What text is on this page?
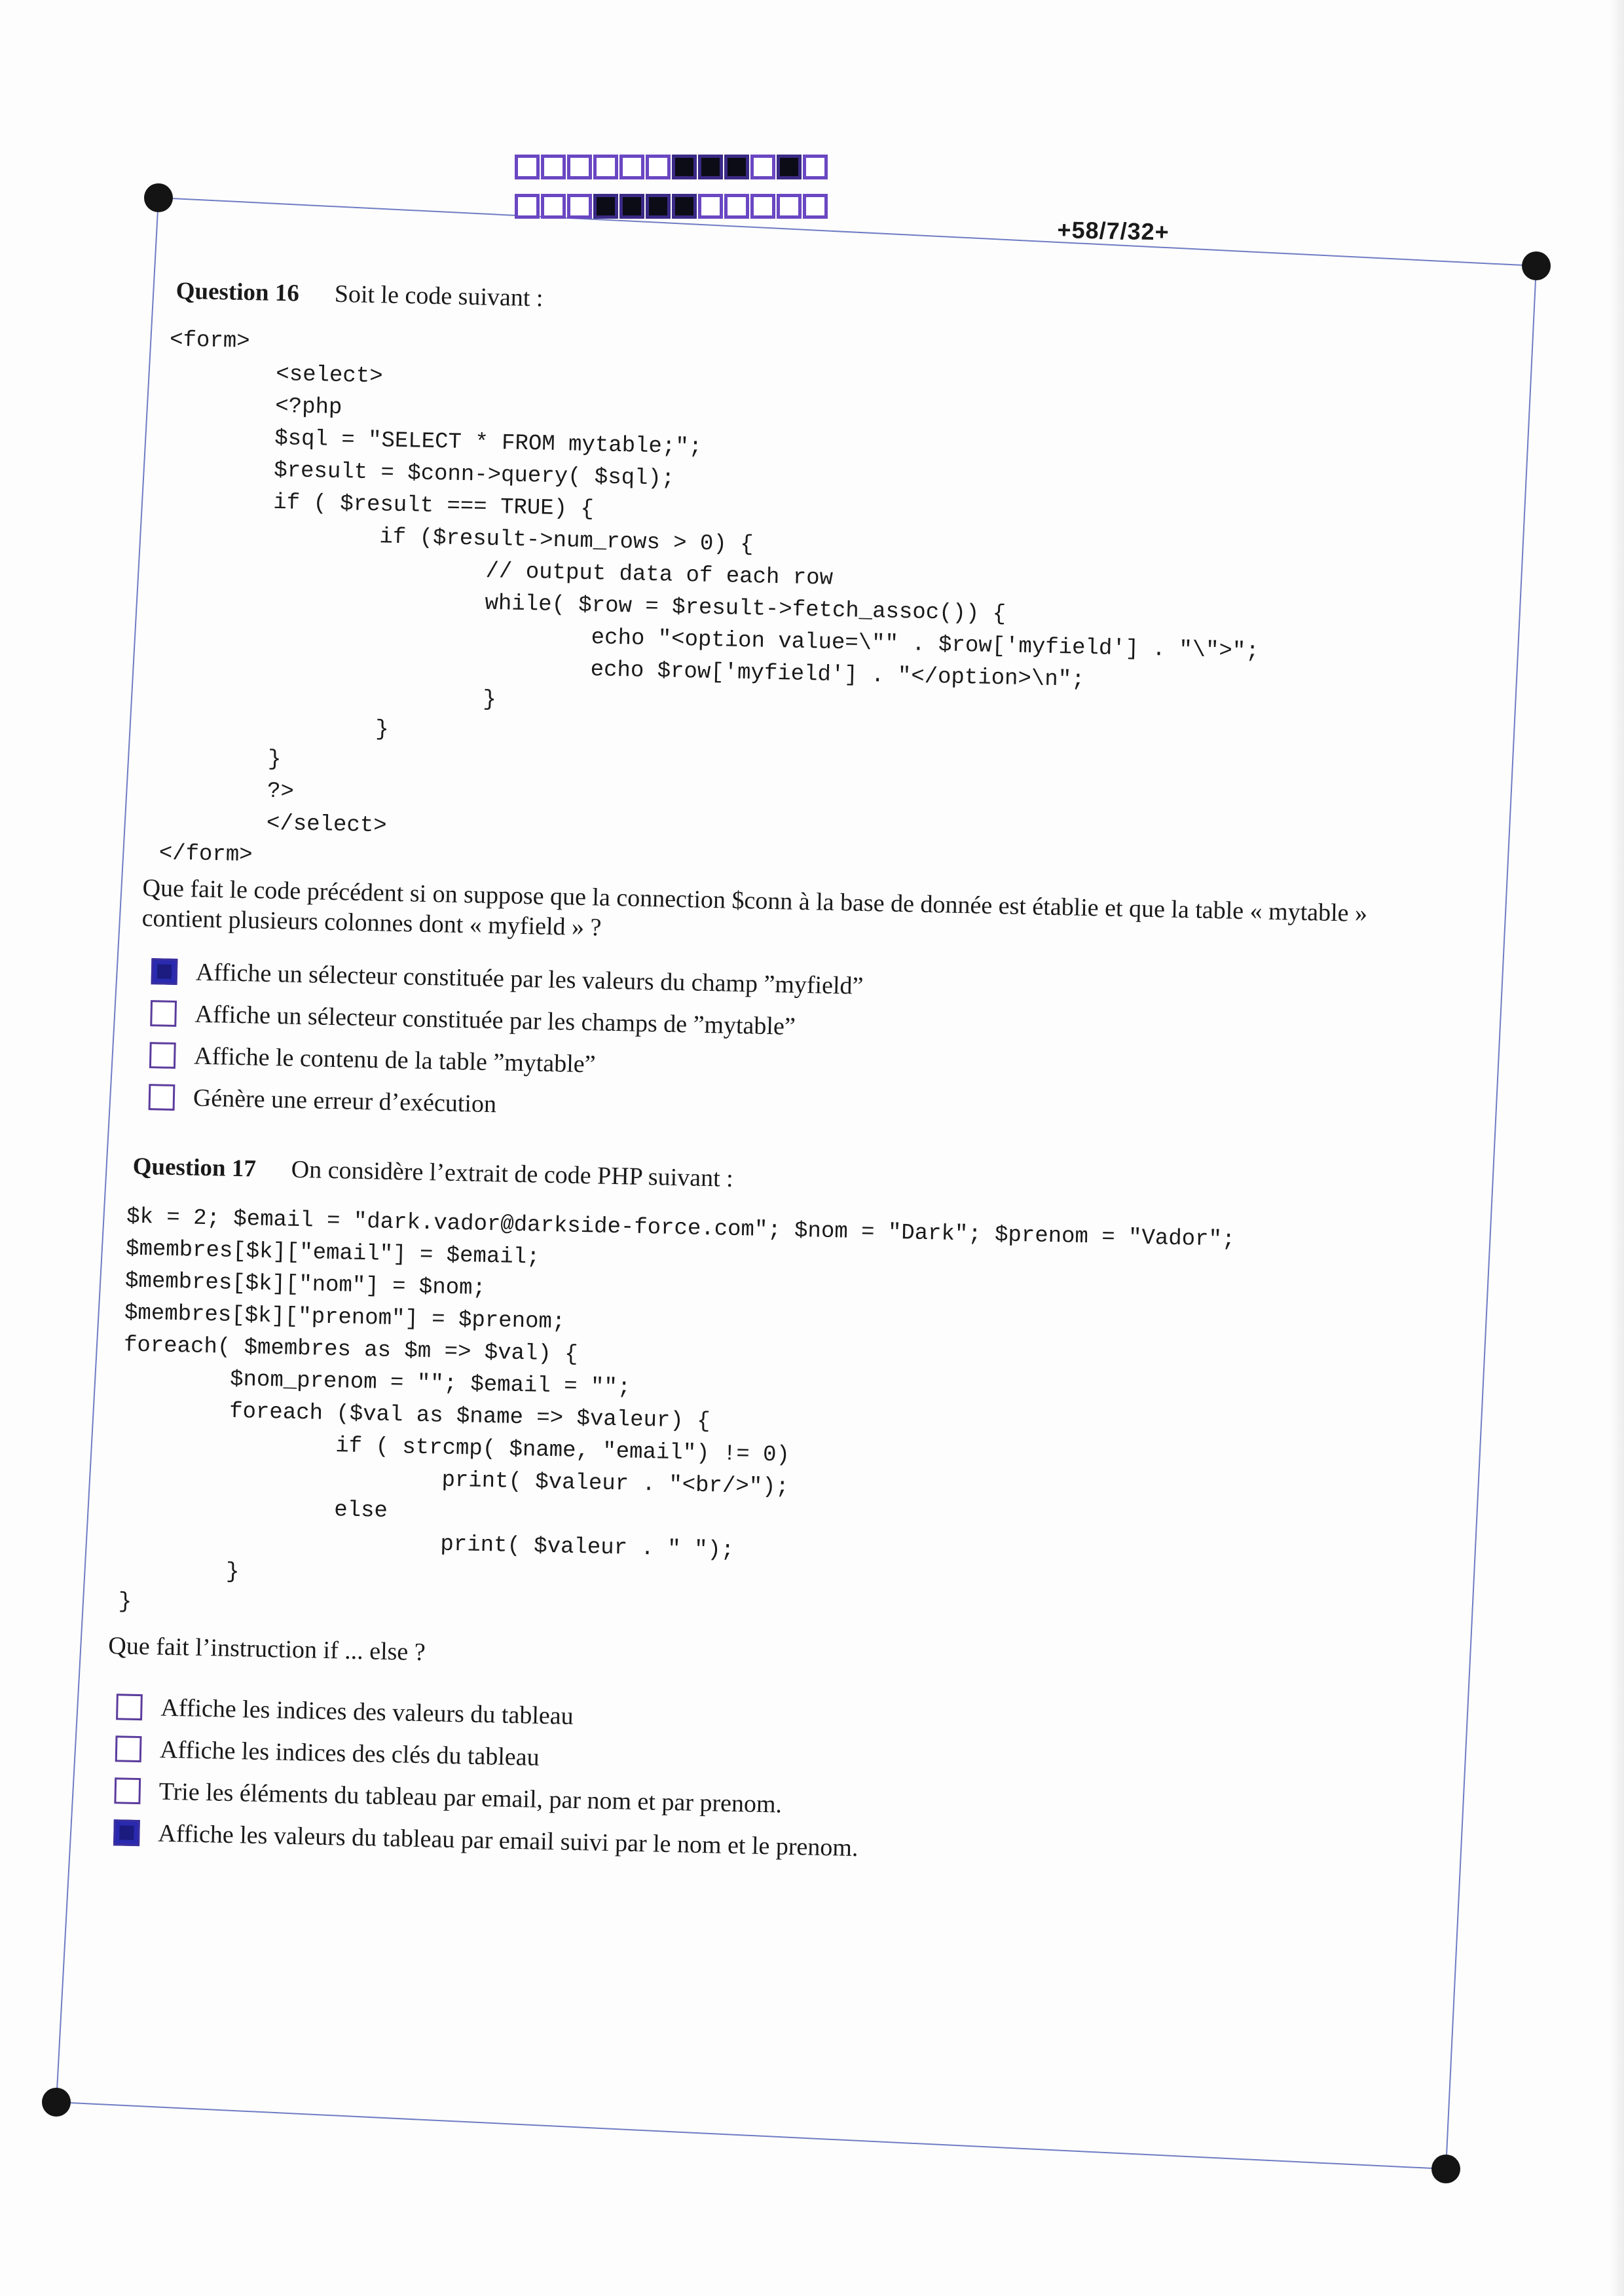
+58/7/32+
Question 16 Soit le code suivant :
<form>
<select>
<?php
$sql = "SELECT * FROM mytable;";
$result = $conn->query( $sql);
if ( $result === TRUE) {
if ($result->num_rows > 0) {
// output data of each row
while( $row = $result->fetch_assoc()) {
echo "<option value=\"" . $row['myfield'] . "\">";
echo $row['myfield'] . "</option>\n";
}
}
}
?>
</select>
</form>
Que fait le code précédent si on suppose que la connection $conn à la base de donnée est établie et que la table « mytable »
contient plusieurs colonnes dont « myfield » ?
Affiche un sélecteur constituée par les valeurs du champ ”myfield”
Affiche un sélecteur constituée par les champs de ”mytable”
Affiche le contenu de la table ”mytable”
Génère une erreur d’exécution
Question 17 On considère l’extrait de code PHP suivant :
$k = 2; $email = "dark.vador@darkside-force.com"; $nom = "Dark"; $prenom = "Vador";
$membres[$k]["email"] = $email;
$membres[$k]["nom"] = $nom;
$membres[$k]["prenom"] = $prenom;
foreach( $membres as $m => $val) {
$nom_prenom = ""; $email = "";
foreach ($val as $name => $valeur) {
if ( strcmp( $name, "email") != 0)
print( $valeur . "<br/>");
else
print( $valeur . " ");
}
}
Que fait l’instruction if ... else ?
Affiche les indices des valeurs du tableau
Affiche les indices des clés du tableau
Trie les éléments du tableau par email, par nom et par prenom.
Affiche les valeurs du tableau par email suivi par le nom et le prenom.
